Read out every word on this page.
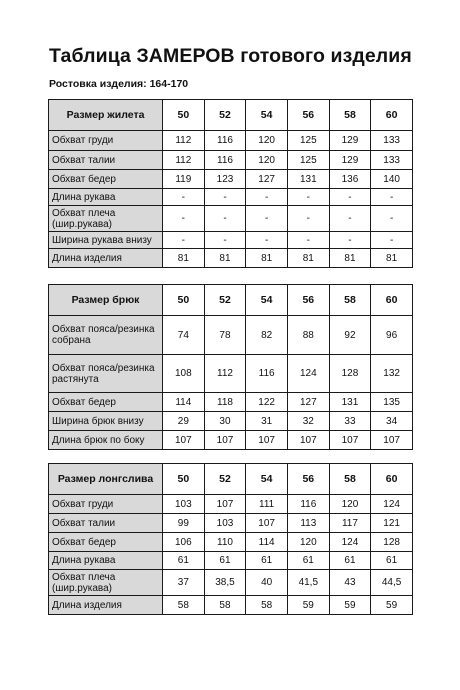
Таблица ЗАМЕРОВ готового изделия
Ростовка изделия: 164-170
Размер жилета	50	52	54	56	58	60
Обхват груди	112	116	120	125	129	133
Обхват талии	112	116	120	125	129	133
Обхват бедер	119	123	127	131	136	140
Длина рукава	-	-	-	-	-	-
Обхват плеча (шир.рукава)	-	-	-	-	-	-
Ширина рукава внизу	-	-	-	-	-	-
Длина изделия	81	81	81	81	81	81
Размер брюк	50	52	54	56	58	60
Обхват пояса/резинка собрана	74	78	82	88	92	96
Обхват пояса/резинка растянута	108	112	116	124	128	132
Обхват бедер	114	118	122	127	131	135
Ширина брюк внизу	29	30	31	32	33	34
Длина брюк по боку	107	107	107	107	107	107
Размер лонгслива	50	52	54	56	58	60
Обхват груди	103	107	111	116	120	124
Обхват талии	99	103	107	113	117	121
Обхват бедер	106	110	114	120	124	128
Длина рукава	61	61	61	61	61	61
Обхват плеча (шир.рукава)	37	38,5	40	41,5	43	44,5
Длина изделия	58	58	58	59	59	59
